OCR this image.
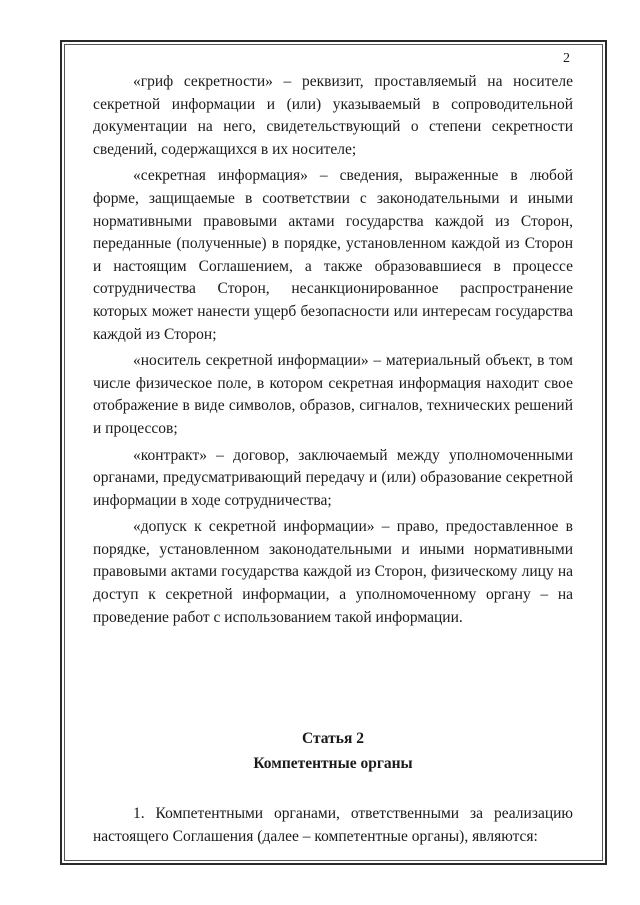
2

«гриф секретности» – реквизит, проставляемый на носителе секретной информации и (или) указываемый в сопроводительной документации на него, свидетельствующий о степени секретности сведений, содержащихся в их носителе;

«секретная информация» – сведения, выраженные в любой форме, защищаемые в соответствии с законодательными и иными нормативными правовыми актами государства каждой из Сторон, переданные (полученные) в порядке, установленном каждой из Сторон и настоящим Соглашением, а также образовавшиеся в процессе сотрудничества Сторон, несанкционированное распространение которых может нанести ущерб безопасности или интересам государства каждой из Сторон;

«носитель секретной информации» – материальный объект, в том числе физическое поле, в котором секретная информация находит свое отображение в виде символов, образов, сигналов, технических решений и процессов;

«контракт» – договор, заключаемый между уполномоченными органами, предусматривающий передачу и (или) образование секретной информации в ходе сотрудничества;

«допуск к секретной информации» – право, предоставленное в порядке, установленном законодательными и иными нормативными правовыми актами государства каждой из Сторон, физическому лицу на доступ к секретной информации, а уполномоченному органу – на проведение работ с использованием такой информации.

Статья 2
Компетентные органы

1. Компетентными органами, ответственными за реализацию настоящего Соглашения (далее – компетентные органы), являются:
